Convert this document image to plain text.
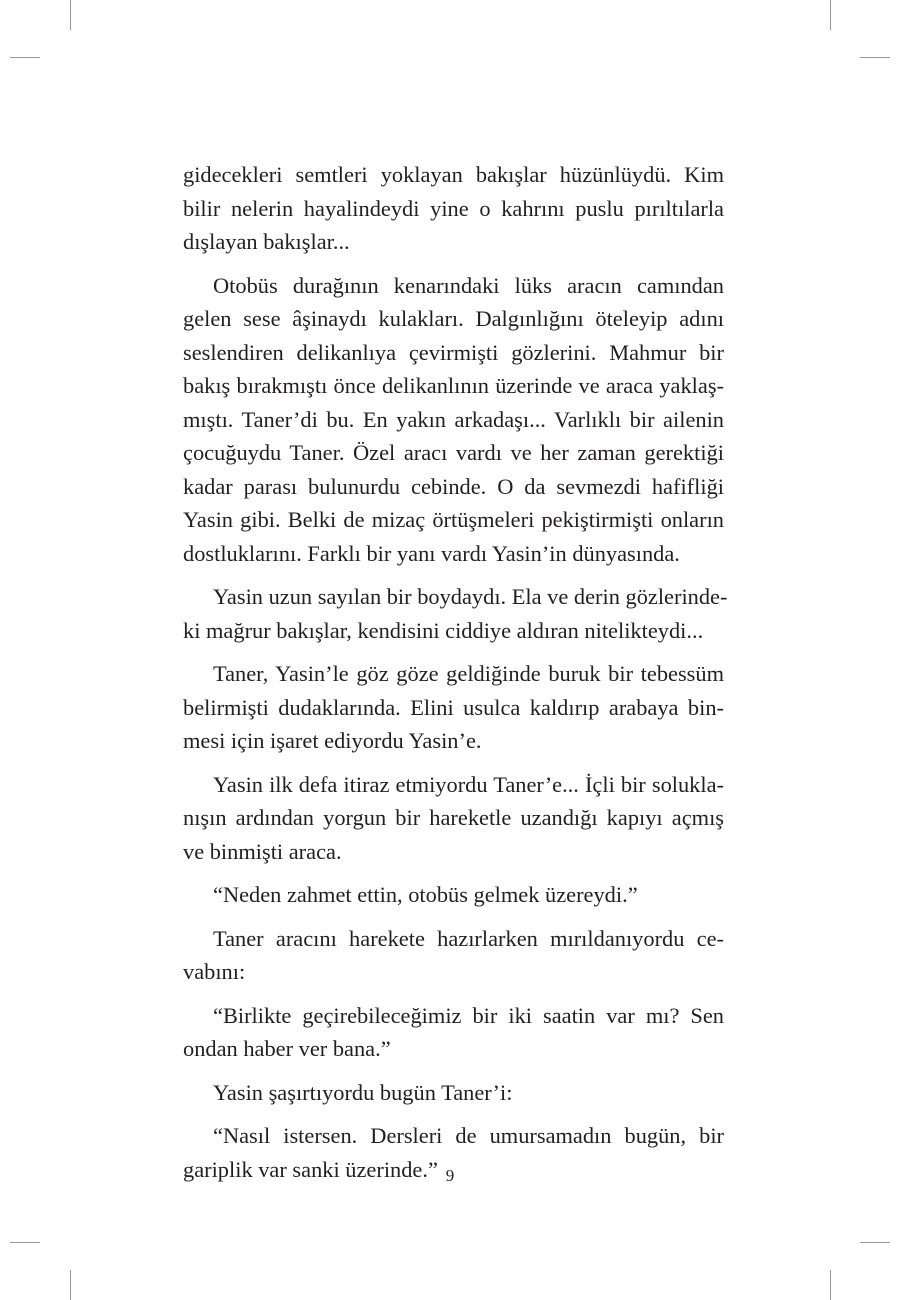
gidecekleri semtleri yoklayan bakışlar hüzünlüydü. Kim
bilir nelerin hayalindeydi yine o kahrını puslu pırıltılarla
dışlayan bakışlar...
Otobüs durağının kenarındaki lüks aracın camından
gelen sese âşinaydı kulakları. Dalgınlığını öteleyip adını
seslendiren delikanlıya çevirmişti gözlerini. Mahmur bir
bakış bırakmıştı önce delikanlının üzerinde ve araca yaklaş-
mıştı. Taner’di bu. En yakın arkadaşı... Varlıklı bir ailenin
çocuğuydu Taner. Özel aracı vardı ve her zaman gerektiği
kadar parası bulunurdu cebinde. O da sevmezdi hafifliği
Yasin gibi. Belki de mizaç örtüşmeleri pekiştirmişti onların
dostluklarını. Farklı bir yanı vardı Yasin’in dünyasında.
Yasin uzun sayılan bir boydaydı. Ela ve derin gözlerinde-
ki mağrur bakışlar, kendisini ciddiye aldıran nitelikteydi...
Taner, Yasin’le göz göze geldiğinde buruk bir tebessüm
belirmişti dudaklarında. Elini usulca kaldırıp arabaya bin-
mesi için işaret ediyordu Yasin’e.
Yasin ilk defa itiraz etmiyordu Taner’e... İçli bir solukla-
nışın ardından yorgun bir hareketle uzandığı kapıyı açmış
ve binmişti araca.
“Neden zahmet ettin, otobüs gelmek üzereydi.”
Taner aracını harekete hazırlarken mırıldanıyordu ce-
vabını:
“Birlikte geçirebileceğimiz bir iki saatin var mı? Sen
ondan haber ver bana.”
Yasin şaşırtıyordu bugün Taner’i:
“Nasıl istersen. Dersleri de umursamadın bugün, bir
gariplik var sanki üzerinde.” 9
